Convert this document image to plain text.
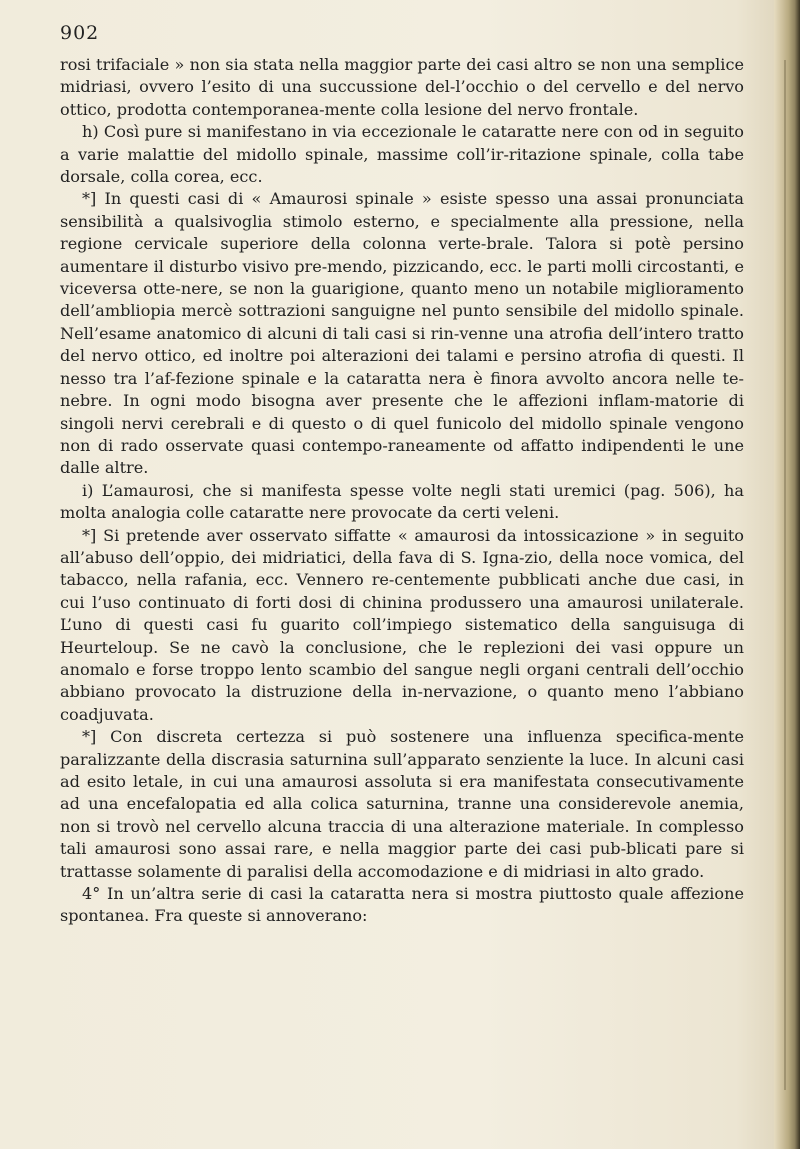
902

rosi trifaciale » non sia stata nella maggior parte dei casi altro se non una semplice midriasi, ovvero l’esito di una succussione del-l’occhio o del cervello e del nervo ottico, prodotta contemporanea-mente colla lesione del nervo frontale.

h) Così pure si manifestano in via eccezionale le cataratte nere con od in seguito a varie malattie del midollo spinale, massime coll’ir-ritazione spinale, colla tabe dorsale, colla corea, ecc.

*] In questi casi di « Amaurosi spinale » esiste spesso una assai pronunciata sensibilità a qualsivoglia stimolo esterno, e specialmente alla pressione, nella regione cervicale superiore della colonna verte-brale. Talora si potè persino aumentare il disturbo visivo pre-mendo, pizzicando, ecc. le parti molli circostanti, e viceversa otte-nere, se non la guarigione, quanto meno un notabile miglioramento dell’ambliopia mercè sottrazioni sanguigne nel punto sensibile del midollo spinale. Nell’esame anatomico di alcuni di tali casi si rin-venne una atrofia dell’intero tratto del nervo ottico, ed inoltre poi alterazioni dei talami e persino atrofia di questi. Il nesso tra l’af-fezione spinale e la cataratta nera è finora avvolto ancora nelle te-nebre. In ogni modo bisogna aver presente che le affezioni inflam-matorie di singoli nervi cerebrali e di questo o di quel funicolo del midollo spinale vengono non di rado osservate quasi contempo-raneamente od affatto indipendenti le une dalle altre.

i) L’amaurosi, che si manifesta spesse volte negli stati uremici (pag. 506), ha molta analogia colle cataratte nere provocate da certi veleni.

*] Si pretende aver osservato siffatte « amaurosi da intossicazione » in seguito all’abuso dell’oppio, dei midriatici, della fava di S. Igna-zio, della noce vomica, del tabacco, nella rafania, ecc. Vennero re-centemente pubblicati anche due casi, in cui l’uso continuato di forti dosi di chinina produssero una amaurosi unilaterale. L’uno di questi casi fu guarito coll’impiego sistematico della sanguisuga di Heurteloup. Se ne cavò la conclusione, che le replezioni dei vasi oppure un anomalo e forse troppo lento scambio del sangue negli organi centrali dell’occhio abbiano provocato la distruzione della in-nervazione, o quanto meno l’abbiano coadjuvata.

*] Con discreta certezza si può sostenere una influenza specifica-mente paralizzante della discrasia saturnina sull’apparato senziente la luce. In alcuni casi ad esito letale, in cui una amaurosi assoluta si era manifestata consecutivamente ad una encefalopatia ed alla colica saturnina, tranne una considerevole anemia, non si trovò nel cervello alcuna traccia di una alterazione materiale. In complesso tali amaurosi sono assai rare, e nella maggior parte dei casi pub-blicati pare si trattasse solamente di paralisi della accomodazione e di midriasi in alto grado.

4° In un’altra serie di casi la cataratta nera si mostra piuttosto quale affezione spontanea. Fra queste si annoverano:
